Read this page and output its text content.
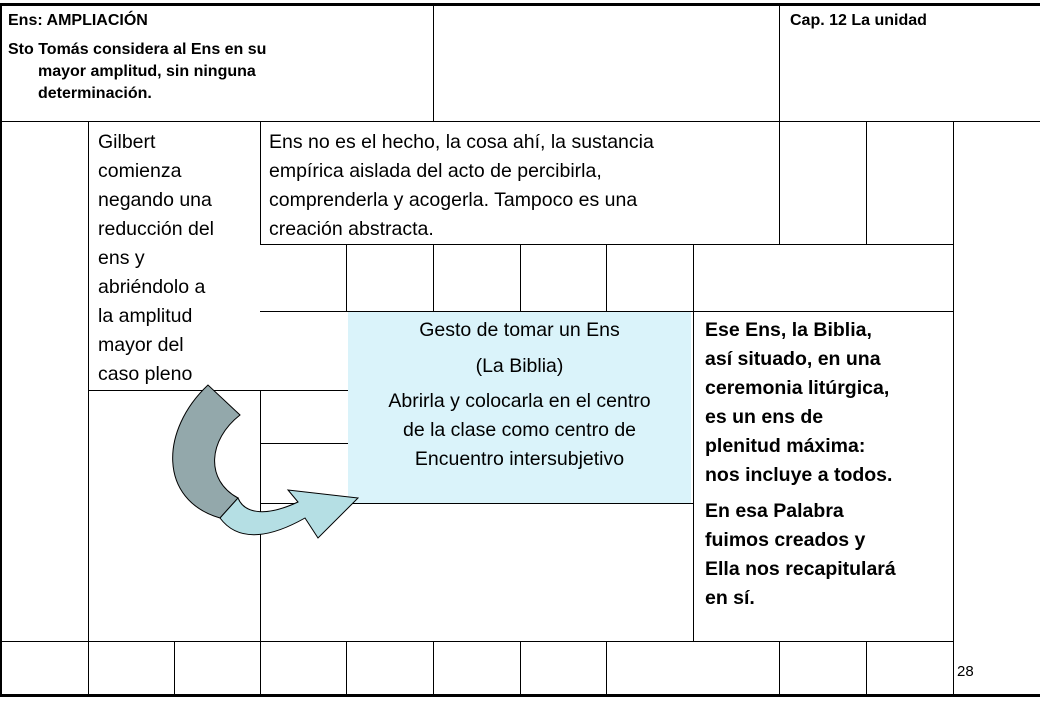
Ens: AMPLIACIÓN
Sto Tomás considera al Ens en su
mayor amplitud, sin ninguna
determinación.
Cap. 12 La unidad
Gilbert
comienza
negando una
reducción del
ens y
abriéndolo a
la amplitud
mayor del
caso pleno
Ens no es el hecho, la cosa ahí, la sustancia
empírica aislada del acto de percibirla,
comprenderla y acogerla. Tampoco es una
creación abstracta.
Gesto de tomar un Ens
(La Biblia)
Abrirla y colocarla en el centro
de la clase como centro de
Encuentro intersubjetivo
Ese Ens, la Biblia,
así situado, en una
ceremonia litúrgica,
es un ens de
plenitud máxima:
nos incluye a todos.
En esa Palabra
fuimos creados y
Ella nos recapitulará
en sí.
28
